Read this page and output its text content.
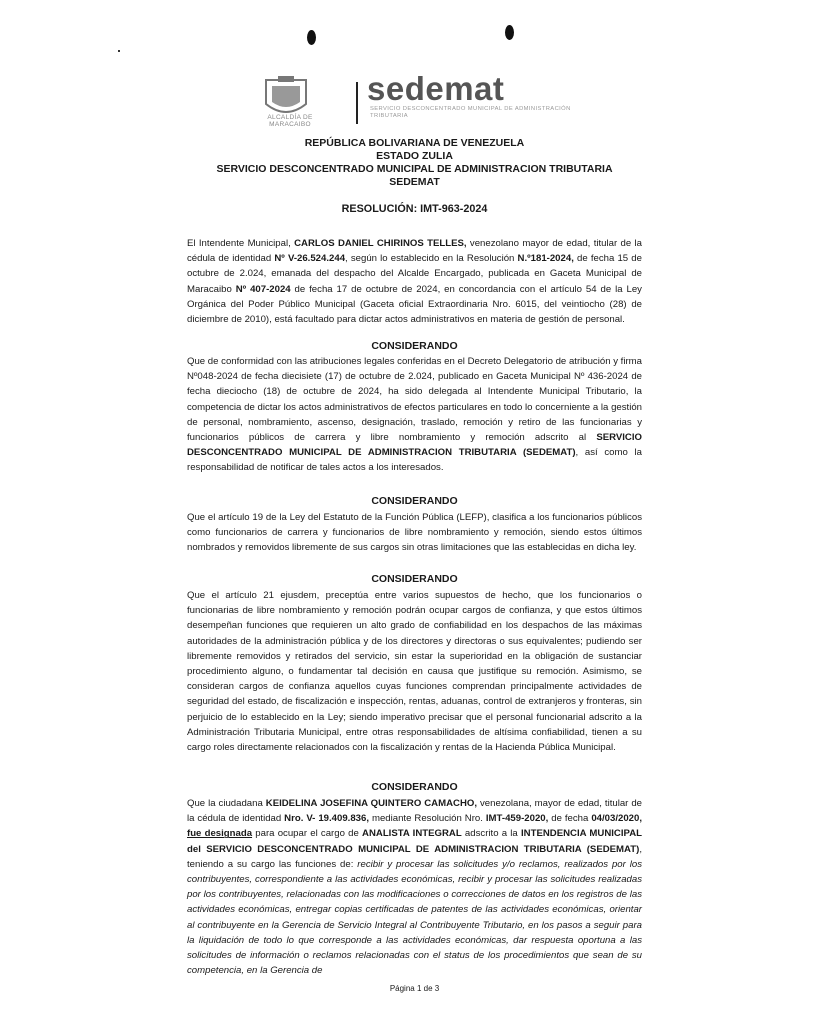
ALCALDÍA DE MARACAIBO
sedemat
SERVICIO DESCONCENTRADO MUNICIPAL DE ADMINISTRACIÓN TRIBUTARIA
REPÚBLICA BOLIVARIANA DE VENEZUELA
ESTADO ZULIA
SERVICIO DESCONCENTRADO MUNICIPAL DE ADMINISTRACION TRIBUTARIA
SEDEMAT
RESOLUCIÓN: IMT-963-2024
El Intendente Municipal, CARLOS DANIEL CHIRINOS TELLES, venezolano mayor de edad, titular de la cédula de identidad Nº V-26.524.244, según lo establecido en la Resolución N.º181-2024, de fecha 15 de octubre de 2.024, emanada del despacho del Alcalde Encargado, publicada en Gaceta Municipal de Maracaibo Nº 407-2024 de fecha 17 de octubre de 2024, en concordancia con el artículo 54 de la Ley Orgánica del Poder Público Municipal (Gaceta oficial Extraordinaria Nro. 6015, del veintiocho (28) de diciembre de 2010), está facultado para dictar actos administrativos en materia de gestión de personal.
CONSIDERANDO
Que de conformidad con las atribuciones legales conferidas en el Decreto Delegatorio de atribución y firma Nº048-2024 de fecha diecisiete (17) de octubre de 2.024, publicado en Gaceta Municipal Nº 436-2024 de fecha dieciocho (18) de octubre de 2024, ha sido delegada al Intendente Municipal Tributario, la competencia de dictar los actos administrativos de efectos particulares en todo lo concerniente a la gestión de personal, nombramiento, ascenso, designación, traslado, remoción y retiro de las funcionarias y funcionarios públicos de carrera y libre nombramiento y remoción adscrito al SERVICIO DESCONCENTRADO MUNICIPAL DE ADMINISTRACION TRIBUTARIA (SEDEMAT), así como la responsabilidad de notificar de tales actos a los interesados.
CONSIDERANDO
Que el artículo 19 de la Ley del Estatuto de la Función Pública (LEFP), clasifica a los funcionarios públicos como funcionarios de carrera y funcionarios de libre nombramiento y remoción, siendo estos últimos nombrados y removidos libremente de sus cargos sin otras limitaciones que las establecidas en dicha ley.
CONSIDERANDO
Que el artículo 21 ejusdem, preceptúa entre varios supuestos de hecho, que los funcionarios o funcionarias de libre nombramiento y remoción podrán ocupar cargos de confianza, y que estos últimos desempeñan funciones que requieren un alto grado de confiabilidad en los despachos de las máximas autoridades de la administración pública y de los directores y directoras o sus equivalentes; pudiendo ser libremente removidos y retirados del servicio, sin estar la superioridad en la obligación de sustanciar procedimiento alguno, o fundamentar tal decisión en causa que justifique su remoción. Asimismo, se consideran cargos de confianza aquellos cuyas funciones comprendan principalmente actividades de seguridad del estado, de fiscalización e inspección, rentas, aduanas, control de extranjeros y fronteras, sin perjuicio de lo establecido en la Ley; siendo imperativo precisar que el personal funcionarial adscrito a la Administración Tributaria Municipal, entre otras responsabilidades de altísima confiabilidad, tienen a su cargo roles directamente relacionados con la fiscalización y rentas de la Hacienda Pública Municipal.
CONSIDERANDO
Que la ciudadana KEIDELINA JOSEFINA QUINTERO CAMACHO, venezolana, mayor de edad, titular de la cédula de identidad Nro. V- 19.409.836, mediante Resolución Nro. IMT-459-2020, de fecha 04/03/2020, fue designada para ocupar el cargo de ANALISTA INTEGRAL adscrito a la INTENDENCIA MUNICIPAL del SERVICIO DESCONCENTRADO MUNICIPAL DE ADMINISTRACION TRIBUTARIA (SEDEMAT), teniendo a su cargo las funciones de: recibir y procesar las solicitudes y/o reclamos, realizados por los contribuyentes, correspondiente a las actividades económicas, recibir y procesar las solicitudes realizadas por los contribuyentes, relacionadas con las modificaciones o correcciones de datos en los registros de las actividades económicas, entregar copias certificadas de patentes de las actividades económicas, orientar al contribuyente en la Gerencia de Servicio Integral al Contribuyente Tributario, en los pasos a seguir para la liquidación de todo lo que corresponde a las actividades económicas, dar respuesta oportuna a las solicitudes de información o reclamos relacionadas con el status de los procedimientos que sean de su competencia, en la Gerencia de
Página 1 de 3
